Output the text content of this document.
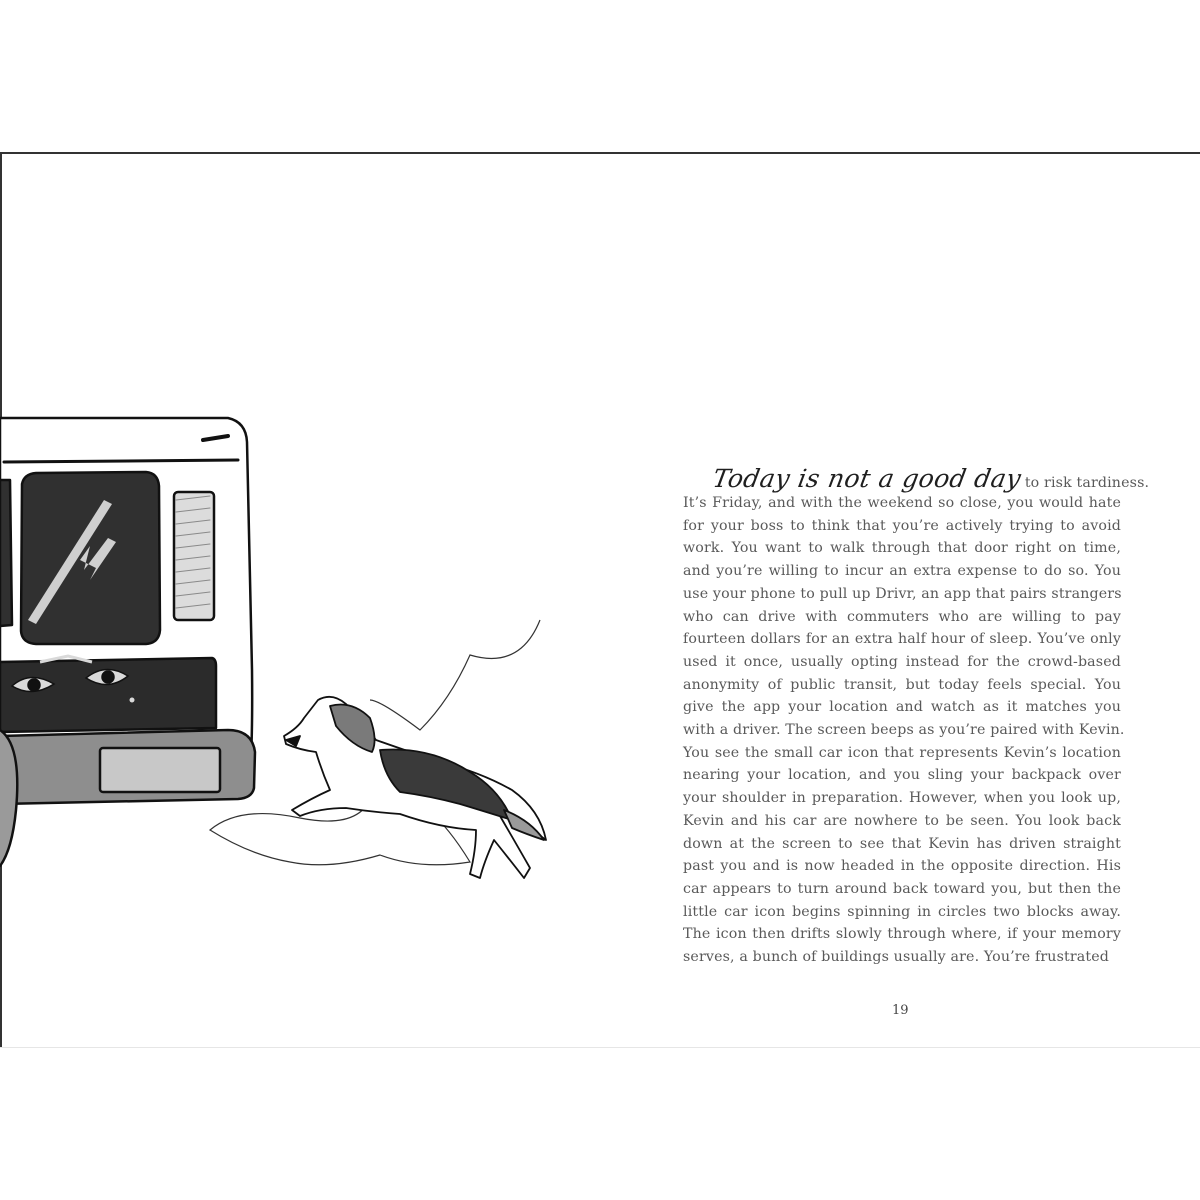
Today is not a good dayto risk tardiness.
It’s Friday, and with the weekend so close, you would hate
for your boss to think that you’re actively trying to avoid
work. You want to walk through that door right on time,
and you’re willing to incur an extra expense to do so. You
use your phone to pull up Drivr, an app that pairs strangers
who can drive with commuters who are willing to pay
fourteen dollars for an extra half hour of sleep. You’ve only
used it once, usually opting instead for the crowd-based
anonymity of public transit, but today feels special. You
give the app your location and watch as it matches you
with a driver. The screen beeps as you’re paired with Kevin.
You see the small car icon that represents Kevin’s location
nearing your location, and you sling your backpack over
your shoulder in preparation. However, when you look up,
Kevin and his car are nowhere to be seen. You look back
down at the screen to see that Kevin has driven straight
past you and is now headed in the opposite direction. His
car appears to turn around back toward you, but then the
little car icon begins spinning in circles two blocks away.
The icon then drifts slowly through where, if your memory
serves, a bunch of buildings usually are. You’re frustrated
19
